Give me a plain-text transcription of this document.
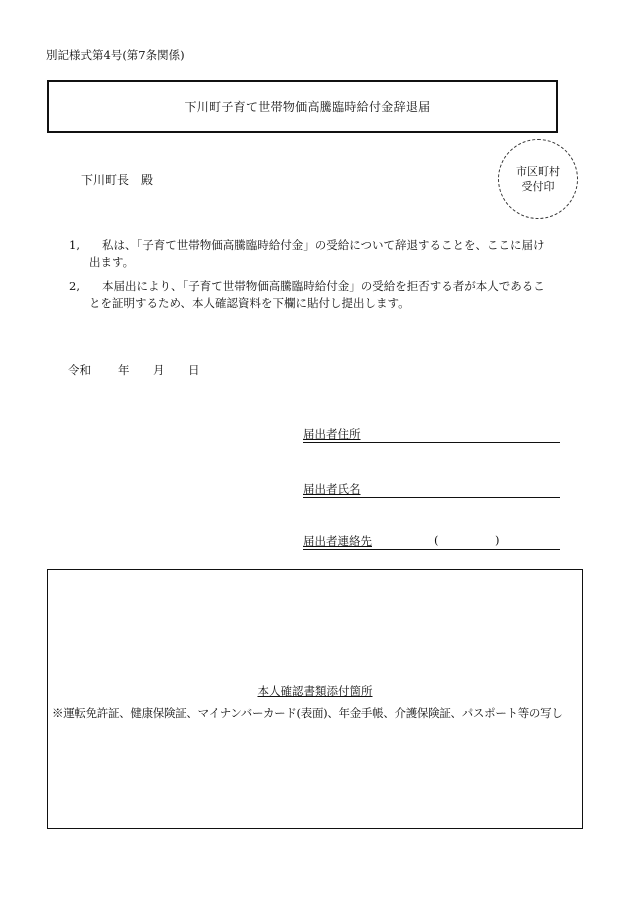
別記様式第4号(第7条関係)
下川町子育て世帯物価高騰臨時給付金辞退届
下川町長 殿
市区町村
受付印
1, 私は、「子育て世帯物価高騰臨時給付金」の受給について辞退することを、ここに届け
出ます。
2, 本届出により、「子育て世帯物価高騰臨時給付金」の受給を拒否する者が本人であるこ
とを証明するため、本人確認資料を下欄に貼付し提出します。
令和 年 月 日
届出者住所
届出者氏名
届出者連絡先	(	)
本人確認書類添付箇所
※運転免許証、健康保険証、マイナンバーカード(表面)、年金手帳、介護保険証、パスポート等の写し
